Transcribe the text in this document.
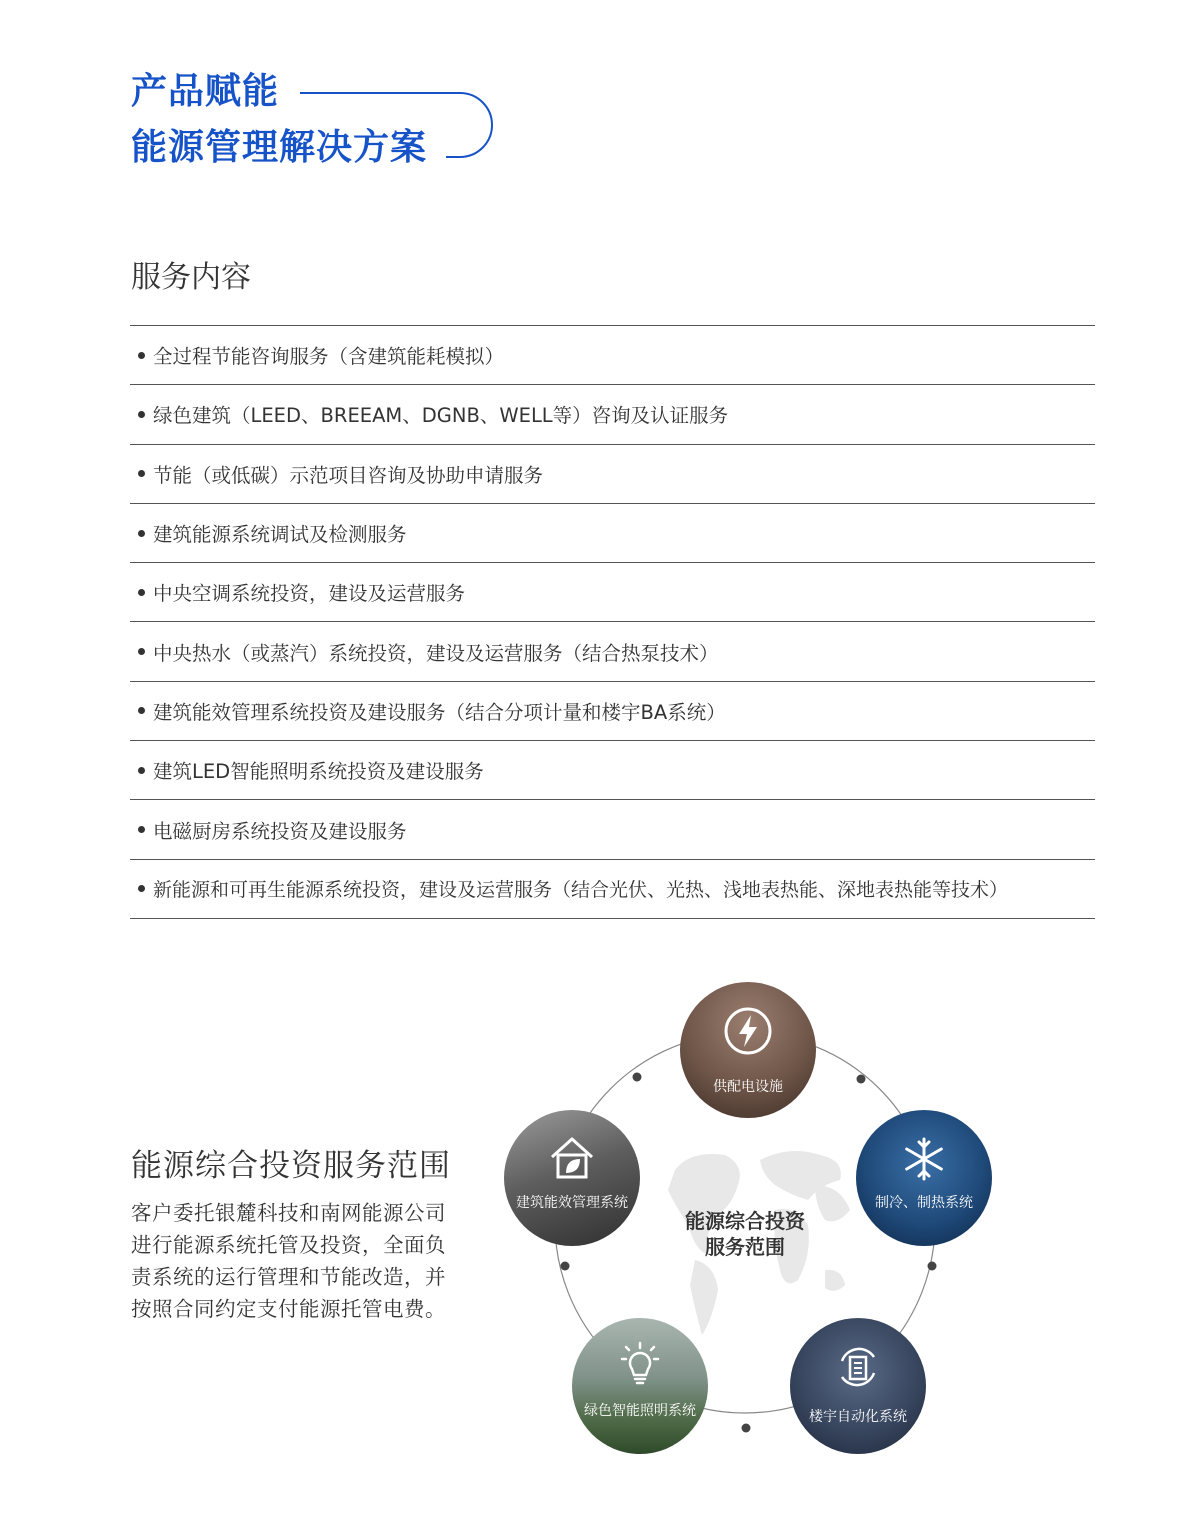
产品赋能
能源管理解决方案
服务内容
全过程节能咨询服务（含建筑能耗模拟）
绿色建筑（LEED、BREEAM、DGNB、WELL等）咨询及认证服务
节能（或低碳）示范项目咨询及协助申请服务
建筑能源系统调试及检测服务
中央空调系统投资，建设及运营服务
中央热水（或蒸汽）系统投资，建设及运营服务（结合热泵技术）
建筑能效管理系统投资及建设服务（结合分项计量和楼宇BA系统）
建筑LED智能照明系统投资及建设服务
电磁厨房系统投资及建设服务
新能源和可再生能源系统投资，建设及运营服务（结合光伏、光热、浅地表热能、深地表热能等技术）
能源综合投资服务范围

客户委托银麓科技和南网能源公司进行能源系统托管及投资，全面负责系统的运行管理和节能改造，并按照合同约定支付能源托管电费。

能源综合投资
服务范围
供配电设施
制冷、制热系统
楼宇自动化系统
绿色智能照明系统
建筑能效管理系统
